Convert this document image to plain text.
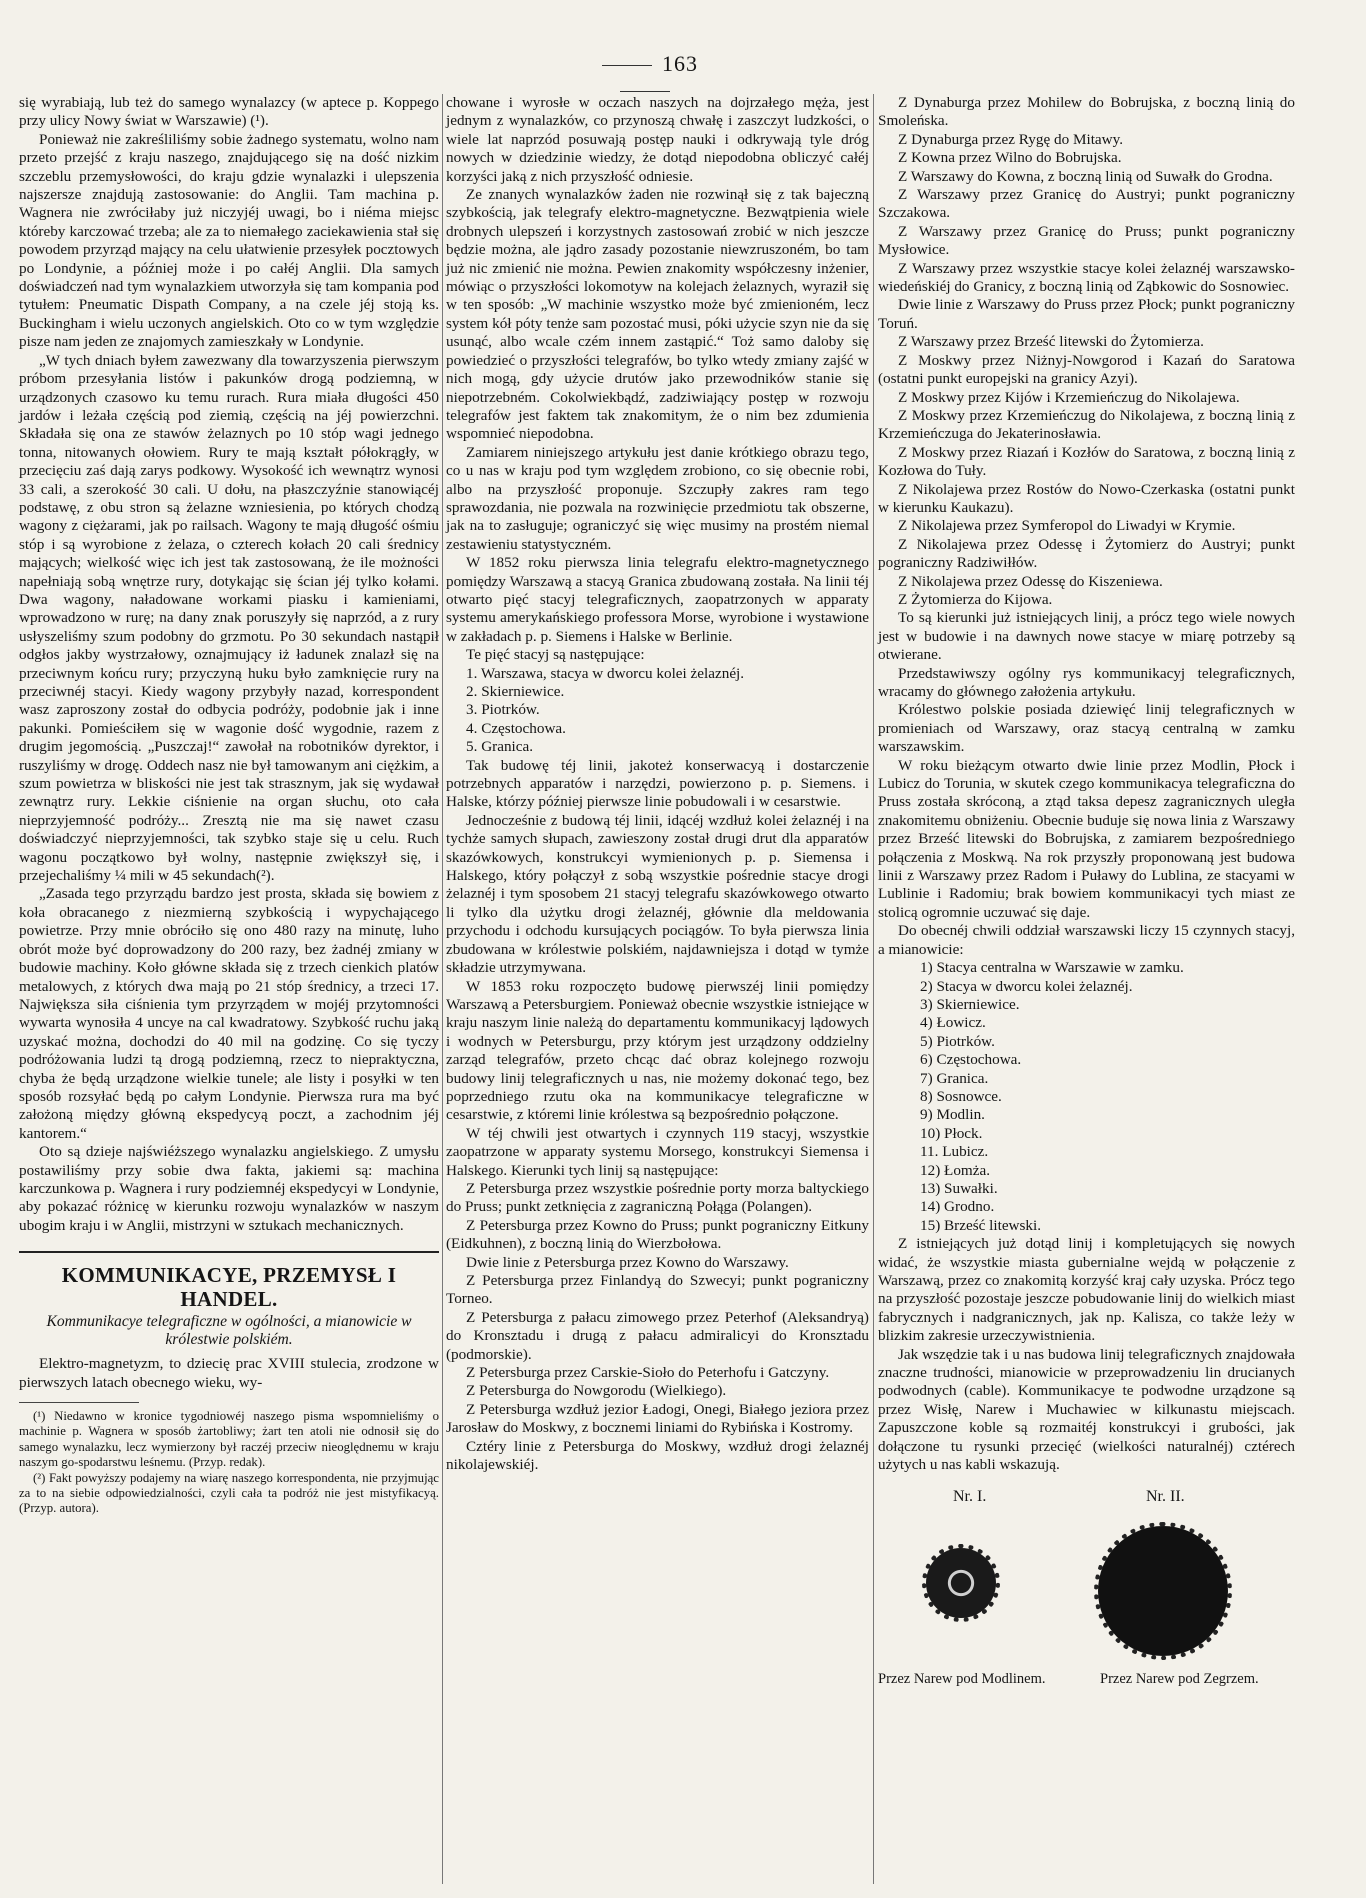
163

się wyrabiają, lub też do samego wynalazcy (w aptece p. Koppego przy ulicy Nowy świat w Warszawie) (¹).

Ponieważ nie zakreśliliśmy sobie żadnego systematu, wolno nam przeto przejść z kraju naszego, znajdującego się na dość nizkim szczeblu przemysłowości, do kraju gdzie wynalazki i ulepszenia najszersze znajdują zastosowanie: do Anglii. Tam machina p. Wagnera nie zwróciłaby już niczyjéj uwagi, bo i niéma miejsc któreby karczować trzeba; ale za to niemałego zaciekawienia stał się powodem przyrząd mający na celu ułatwienie przesyłek pocztowych po Londynie, a później może i po całéj Anglii. Dla samych doświadczeń nad tym wynalazkiem utworzyła się tam kompania pod tytułem: Pneumatic Dispath Company, a na czele jéj stoją ks. Buckingham i wielu uczonych angielskich. Oto co w tym względzie pisze nam jeden ze znajomych zamieszkały w Londynie.

„W tych dniach byłem zawezwany dla towarzyszenia pierwszym próbom przesyłania listów i pakunków drogą podziemną, w urządzonych czasowo ku temu rurach. Rura miała długości 450 jardów i leżała częścią pod ziemią, częścią na jéj powierzchni. Składała się ona ze stawów żelaznych po 10 stóp wagi jednego tonna, nitowanych ołowiem. Rury te mają kształt półokrągły, w przecięciu zaś dają zarys podkowy. Wysokość ich wewnątrz wynosi 33 cali, a szerokość 30 cali. U dołu, na płaszczyźnie stanowiącéj podstawę, z obu stron są żelazne wzniesienia, po których chodzą wagony z ciężarami, jak po railsach. Wagony te mają długość ośmiu stóp i są wyrobione z żelaza, o czterech kołach 20 cali średnicy mających; wielkość więc ich jest tak zastosowaną, że ile możności napełniają sobą wnętrze rury, dotykając się ścian jéj tylko kołami. Dwa wagony, naładowane workami piasku i kamieniami, wprowadzono w rurę; na dany znak poruszyły się naprzód, a z rury usłyszeliśmy szum podobny do grzmotu. Po 30 sekundach nastąpił odgłos jakby wystrzałowy, oznajmujący iż ładunek znalazł się na przeciwnym końcu rury; przyczyną huku było zamknięcie rury na przeciwnéj stacyi. Kiedy wagony przybyły nazad, korrespondent wasz zaproszony został do odbycia podróży, podobnie jak i inne pakunki. Pomieściłem się w wagonie dość wygodnie, razem z drugim jegomością. „Puszczaj!“ zawołał na robotników dyrektor, i ruszyliśmy w drogę. Oddech nasz nie był tamowanym ani ciężkim, a szum powietrza w bliskości nie jest tak strasznym, jak się wydawał zewnątrz rury. Lekkie ciśnienie na organ słuchu, oto cała nieprzyjemność podróży... Zresztą nie ma się nawet czasu doświadczyć nieprzyjemności, tak szybko staje się u celu. Ruch wagonu początkowo był wolny, następnie zwiększył się, i przejechaliśmy ¼ mili w 45 sekundach(²).

„Zasada tego przyrządu bardzo jest prosta, składa się bowiem z koła obracanego z niezmierną szybkością i wypychającego powietrze. Przy mnie obróciło się ono 480 razy na minutę, luho obrót może być doprowadzony do 200 razy, bez żadnéj zmiany w budowie machiny. Koło główne składa się z trzech cienkich platów metalowych, z których dwa mają po 21 stóp średnicy, a trzeci 17. Największa siła ciśnienia tym przyrządem w mojéj przytomności wywarta wynosiła 4 uncye na cal kwadratowy. Szybkość ruchu jaką uzyskać można, dochodzi do 40 mil na godzinę. Co się tyczy podróżowania ludzi tą drogą podziemną, rzecz to niepraktyczna, chyba że będą urządzone wielkie tunele; ale listy i posyłki w ten sposób rozsyłać będą po całym Londynie. Pierwsza rura ma być założoną między główną ekspedycyą poczt, a zachodnim jéj kantorem.“

Oto są dzieje najświéższego wynalazku angielskiego. Z umysłu postawiliśmy przy sobie dwa fakta, jakiemi są: machina karczunkowa p. Wagnera i rury podziemnéj ekspedycyi w Londynie, aby pokazać różnicę w kierunku rozwoju wynalazków w naszym ubogim kraju i w Anglii, mistrzyni w sztukach mechanicznych.

KOMMUNIKACYE, PRZEMYSŁ I HANDEL.
Kommunikacye telegraficzne w ogólności, a mianowicie w królestwie polskiém.

Elektro-magnetyzm, to dziecię prac XVIII stulecia, zrodzone w pierwszych latach obecnego wieku, wy-

(¹) Niedawno w kronice tygodniowéj naszego pisma wspomnieliśmy o machinie p. Wagnera w sposób żartobliwy; żart ten atoli nie odnosił się do samego wynalazku, lecz wymierzony był raczéj przeciw nieoględnemu w kraju naszym go-spodarstwu leśnemu. (Przyp. redak).

(²) Fakt powyższy podajemy na wiarę naszego korrespondenta, nie przyjmując za to na siebie odpowiedzialności, czyli cała ta podróż nie jest mistyfikacyą. (Przyp. autora).

chowane i wyrosłe w oczach naszych na dojrzałego męża, jest jednym z wynalazków, co przynoszą chwałę i zaszczyt ludzkości, o wiele lat naprzód posuwają postęp nauki i odkrywają tyle dróg nowych w dziedzinie wiedzy, że dotąd niepodobna obliczyć całéj korzyści jaką z nich przyszłość odniesie.

Ze znanych wynalazków żaden nie rozwinął się z tak bajeczną szybkością, jak telegrafy elektro-magnetyczne. Bezwątpienia wiele drobnych ulepszeń i korzystnych zastosowań zrobić w nich jeszcze będzie można, ale jądro zasady pozostanie niewzruszoném, bo tam już nic zmienić nie można. Pewien znakomity współczesny inżenier, mówiąc o przyszłości lokomotyw na kolejach żelaznych, wyraził się w ten sposób: „W machinie wszystko może być zmienioném, lecz system kół póty tenże sam pozostać musi, póki użycie szyn nie da się usunąć, albo wcale czém innem zastąpić.“ Toż samo daloby się powiedzieć o przyszłości telegrafów, bo tylko wtedy zmiany zajść w nich mogą, gdy użycie drutów jako przewodników stanie się niepotrzebném. Cokolwiekbądź, zadziwiający postęp w rozwoju telegrafów jest faktem tak znakomitym, że o nim bez zdumienia wspomnieć niepodobna.

Zamiarem niniejszego artykułu jest danie krótkiego obrazu tego, co u nas w kraju pod tym względem zrobiono, co się obecnie robi, albo na przyszłość proponuje. Szczupły zakres ram tego sprawozdania, nie pozwala na rozwinięcie przedmiotu tak obszerne, jak na to zasługuje; ograniczyć się więc musimy na prostém niemal zestawieniu statystyczném.

W 1852 roku pierwsza linia telegrafu elektro-magnetycznego pomiędzy Warszawą a stacyą Granica zbudowaną została. Na linii téj otwarto pięć stacyj telegraficznych, zaopatrzonych w apparaty systemu amerykańskiego professora Morse, wyrobione i wystawione w zakładach p. p. Siemens i Halske w Berlinie.

Te pięć stacyj są następujące:

1. Warszawa, stacya w dworcu kolei żelaznéj.
2. Skierniewice.
3. Piotrków.
4. Częstochowa.
5. Granica.

Tak budowę téj linii, jakoteż konserwacyą i dostarczenie potrzebnych apparatów i narzędzi, powierzono p. p. Siemens. i Halske, którzy później pierwsze linie pobudowali i w cesarstwie.

Jednocześnie z budową téj linii, idącéj wzdłuż kolei żelaznéj i na tychże samych słupach, zawieszony został drugi drut dla apparatów skazówkowych, konstrukcyi wymienionych p. p. Siemensa i Halskego, który połączył z sobą wszystkie pośrednie stacye drogi żelaznéj i tym sposobem 21 stacyj telegrafu skazówkowego otwarto li tylko dla użytku drogi żelaznéj, głównie dla meldowania przychodu i odchodu kursujących pociągów. To była pierwsza linia zbudowana w królestwie polskiém, najdawniejsza i dotąd w tymże składzie utrzymywana.

W 1853 roku rozpoczęto budowę pierwszéj linii pomiędzy Warszawą a Petersburgiem. Ponieważ obecnie wszystkie istniejące w kraju naszym linie należą do departamentu kommunikacyj lądowych i wodnych w Petersburgu, przy którym jest urządzony oddzielny zarząd telegrafów, przeto chcąc dać obraz kolejnego rozwoju budowy linij telegraficznych u nas, nie możemy dokonać tego, bez poprzedniego rzutu oka na kommunikacye telegraficzne w cesarstwie, z któremi linie królestwa są bezpośrednio połączone.

W téj chwili jest otwartych i czynnych 119 stacyj, wszystkie zaopatrzone w apparaty systemu Morsego, konstrukcyi Siemensa i Halskego. Kierunki tych linij są następujące:

Z Petersburga przez wszystkie pośrednie porty morza baltyckiego do Pruss; punkt zetknięcia z zagraniczną Połąga (Polangen).

Z Petersburga przez Kowno do Pruss; punkt pograniczny Eitkuny (Eidkuhnen), z boczną linią do Wierzbołowa.

Dwie linie z Petersburga przez Kowno do Warszawy.

Z Petersburga przez Finlandyą do Szwecyi; punkt pograniczny Torneo.

Z Petersburga z pałacu zimowego przez Peterhof (Aleksandryą) do Kronsztadu i drugą z pałacu admiralicyi do Kronsztadu (podmorskie).

Z Petersburga przez Carskie-Sioło do Peterhofu i Gatczyny.

Z Petersburga do Nowgorodu (Wielkiego).

Z Petersburga wzdłuż jezior Ładogi, Onegi, Białego jeziora przez Jarosław do Moskwy, z bocznemi liniami do Rybińska i Kostromy.

Cztéry linie z Petersburga do Moskwy, wzdłuż drogi żelaznéj nikolajewskiéj.

Z Dynaburga przez Mohilew do Bobrujska, z boczną linią do Smoleńska.

Z Dynaburga przez Rygę do Mitawy.

Z Kowna przez Wilno do Bobrujska.

Z Warszawy do Kowna, z boczną linią od Suwałk do Grodna.

Z Warszawy przez Granicę do Austryi; punkt pograniczny Szczakowa.

Z Warszawy przez Granicę do Pruss; punkt pograniczny Mysłowice.

Z Warszawy przez wszystkie stacye kolei żelaznéj warszawsko-wiedeńskiéj do Granicy, z boczną linią od Ząbkowic do Sosnowiec.

Dwie linie z Warszawy do Pruss przez Płock; punkt pograniczny Toruń.

Z Warszawy przez Brześć litewski do Żytomierza.

Z Moskwy przez Niżnyj-Nowgorod i Kazań do Saratowa (ostatni punkt europejski na granicy Azyi).

Z Moskwy przez Kijów i Krzemieńczug do Nikolajewa.

Z Moskwy przez Krzemieńczug do Nikolajewa, z boczną linią z Krzemieńczuga do Jekaterinosławia.

Z Moskwy przez Riazań i Kozłów do Saratowa, z boczną linią z Kozłowa do Tuły.

Z Nikolajewa przez Rostów do Nowo-Czerkaska (ostatni punkt w kierunku Kaukazu).

Z Nikolajewa przez Symferopol do Liwadyi w Krymie.

Z Nikolajewa przez Odessę i Żytomierz do Austryi; punkt pograniczny Radziwiłłów.

Z Nikolajewa przez Odessę do Kiszeniewa.

Z Żytomierza do Kijowa.

To są kierunki już istniejących linij, a prócz tego wiele nowych jest w budowie i na dawnych nowe stacye w miarę potrzeby są otwierane.

Przedstawiwszy ogólny rys kommunikacyj telegraficznych, wracamy do głównego założenia artykułu.

Królestwo polskie posiada dziewięć linij telegraficznych w promieniach od Warszawy, oraz stacyą centralną w zamku warszawskim.

W roku bieżącym otwarto dwie linie przez Modlin, Płock i Lubicz do Torunia, w skutek czego kommunikacya telegraficzna do Pruss została skróconą, a ztąd taksa depesz zagranicznych uległa znakomitemu obniżeniu. Obecnie buduje się nowa linia z Warszawy przez Brześć litewski do Bobrujska, z zamiarem bezpośredniego połączenia z Moskwą. Na rok przyszły proponowaną jest budowa linii z Warszawy przez Radom i Puławy do Lublina, ze stacyami w Lublinie i Radomiu; brak bowiem kommunikacyi tych miast ze stolicą ogromnie uczuwać się daje.

Do obecnéj chwili oddział warszawski liczy 15 czynnych stacyj, a mianowicie:

1) Stacya centralna w Warszawie w zamku.
2) Stacya w dworcu kolei żelaznéj.
3) Skierniewice.
4) Łowicz.
5) Piotrków.
6) Częstochowa.
7) Granica.
8) Sosnowce.
9) Modlin.
10) Płock.
11. Lubicz.
12) Łomża.
13) Suwałki.
14) Grodno.
15) Brześć litewski.

Z istniejących już dotąd linij i kompletujących się nowych widać, że wszystkie miasta gubernialne wejdą w połączenie z Warszawą, przez co znakomitą korzyść kraj cały uzyska. Prócz tego na przyszłość pozostaje jeszcze pobudowanie linij do wielkich miast fabrycznych i nadgranicznych, jak np. Kalisza, co także leży w blizkim zakresie urzeczywistnienia.

Jak wszędzie tak i u nas budowa linij telegraficznych znajdowała znaczne trudności, mianowicie w przeprowadzeniu lin drucianych podwodnych (cable). Kommunikacye te podwodne urządzone są przez Wisłę, Narew i Muchawiec w kilkunastu miejscach. Zapuszczone koble są rozmaitéj konstrukcyi i grubości, jak dołączone tu rysunki przecięć (wielkości naturalnéj) cztérech użytych u nas kabli wskazują.

Nr. I.	Nr. II.
Przez Narew pod Modlinem.	Przez Narew pod Zegrzem.
